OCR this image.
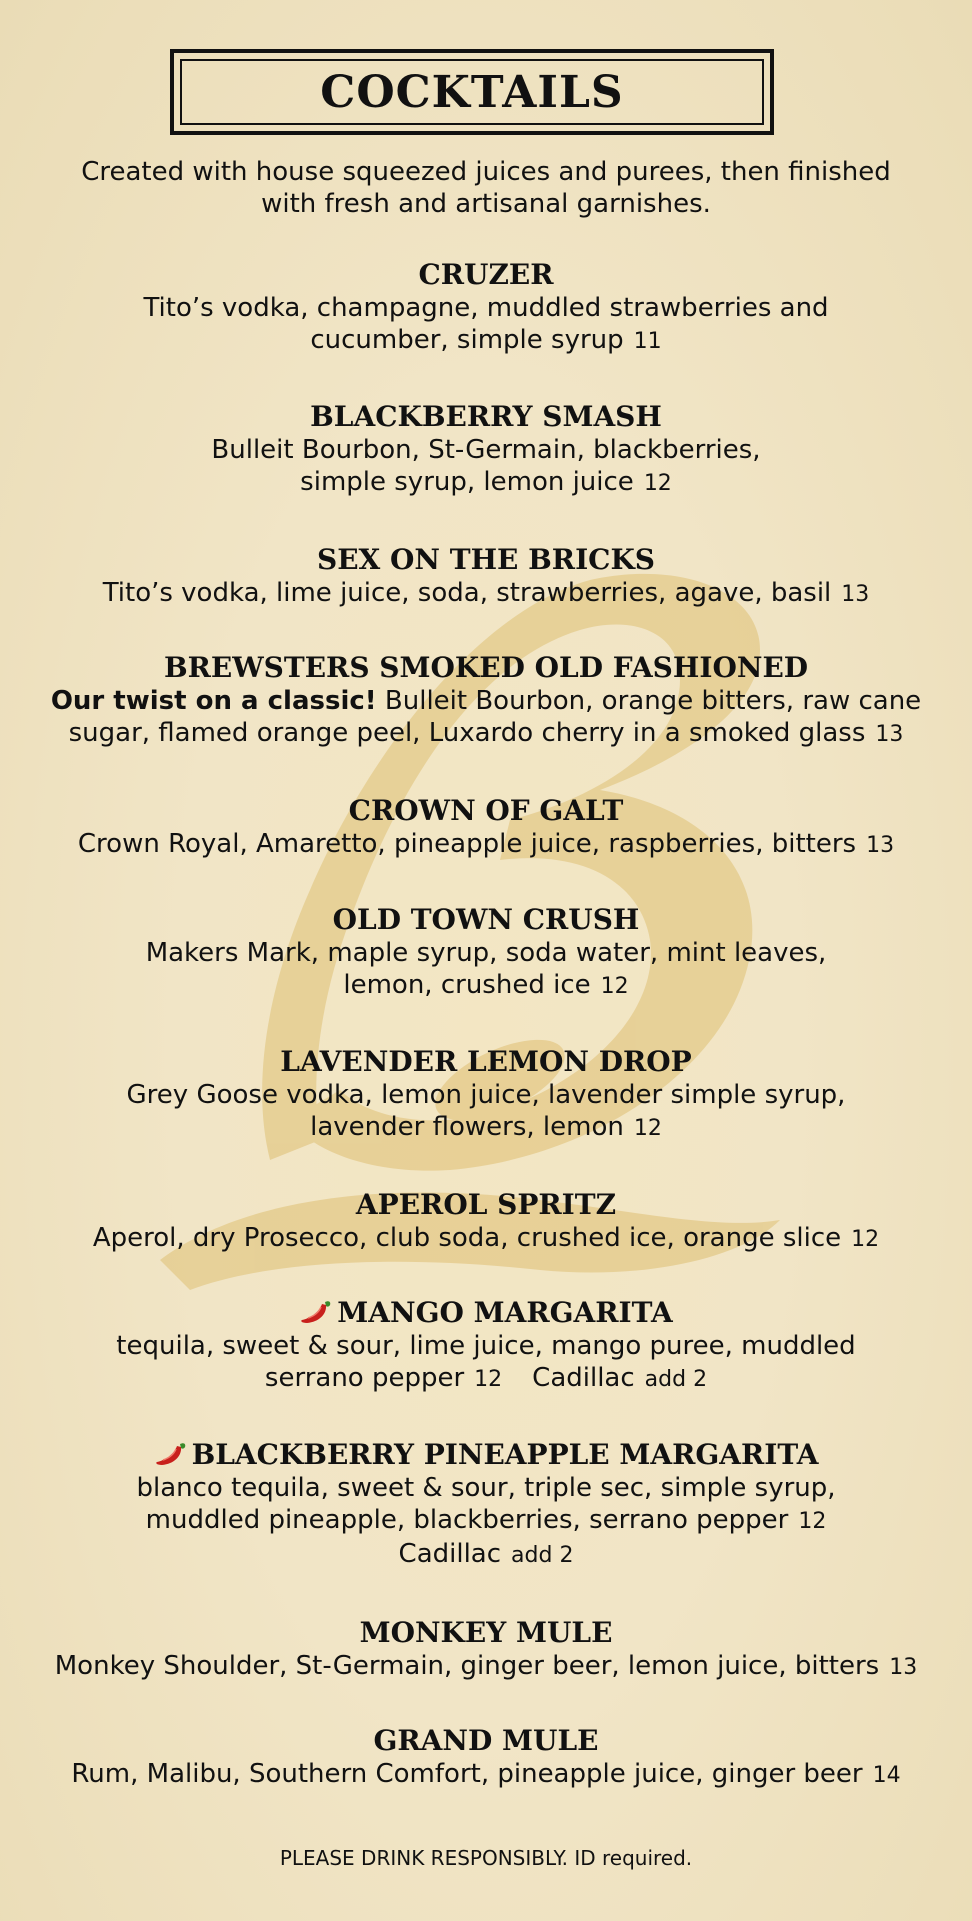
COCKTAILS
Created with house squeezed juices and purees, then finished
with fresh and artisanal garnishes.
CRUZER
Tito’s vodka, champagne, muddled strawberries and
cucumber, simple syrup 11
BLACKBERRY SMASH
Bulleit Bourbon, St-Germain, blackberries,
simple syrup, lemon juice 12
SEX ON THE BRICKS
Tito’s vodka, lime juice, soda, strawberries, agave, basil 13
BREWSTERS SMOKED OLD FASHIONED
Our twist on a classic! Bulleit Bourbon, orange bitters, raw cane
sugar, flamed orange peel, Luxardo cherry in a smoked glass 13
CROWN OF GALT
Crown Royal, Amaretto, pineapple juice, raspberries, bitters 13
OLD TOWN CRUSH
Makers Mark, maple syrup, soda water, mint leaves,
lemon, crushed ice 12
LAVENDER LEMON DROP
Grey Goose vodka, lemon juice, lavender simple syrup,
lavender flowers, lemon 12
APEROL SPRITZ
Aperol, dry Prosecco, club soda, crushed ice, orange slice 12
MANGO MARGARITA
tequila, sweet & sour, lime juice, mango puree, muddled
serrano pepper 12 Cadillac add 2
BLACKBERRY PINEAPPLE MARGARITA
blanco tequila, sweet & sour, triple sec, simple syrup,
muddled pineapple, blackberries, serrano pepper 12
Cadillac add 2
MONKEY MULE
Monkey Shoulder, St-Germain, ginger beer, lemon juice, bitters 13
GRAND MULE
Rum, Malibu, Southern Comfort, pineapple juice, ginger beer 14
PLEASE DRINK RESPONSIBLY. ID required.
